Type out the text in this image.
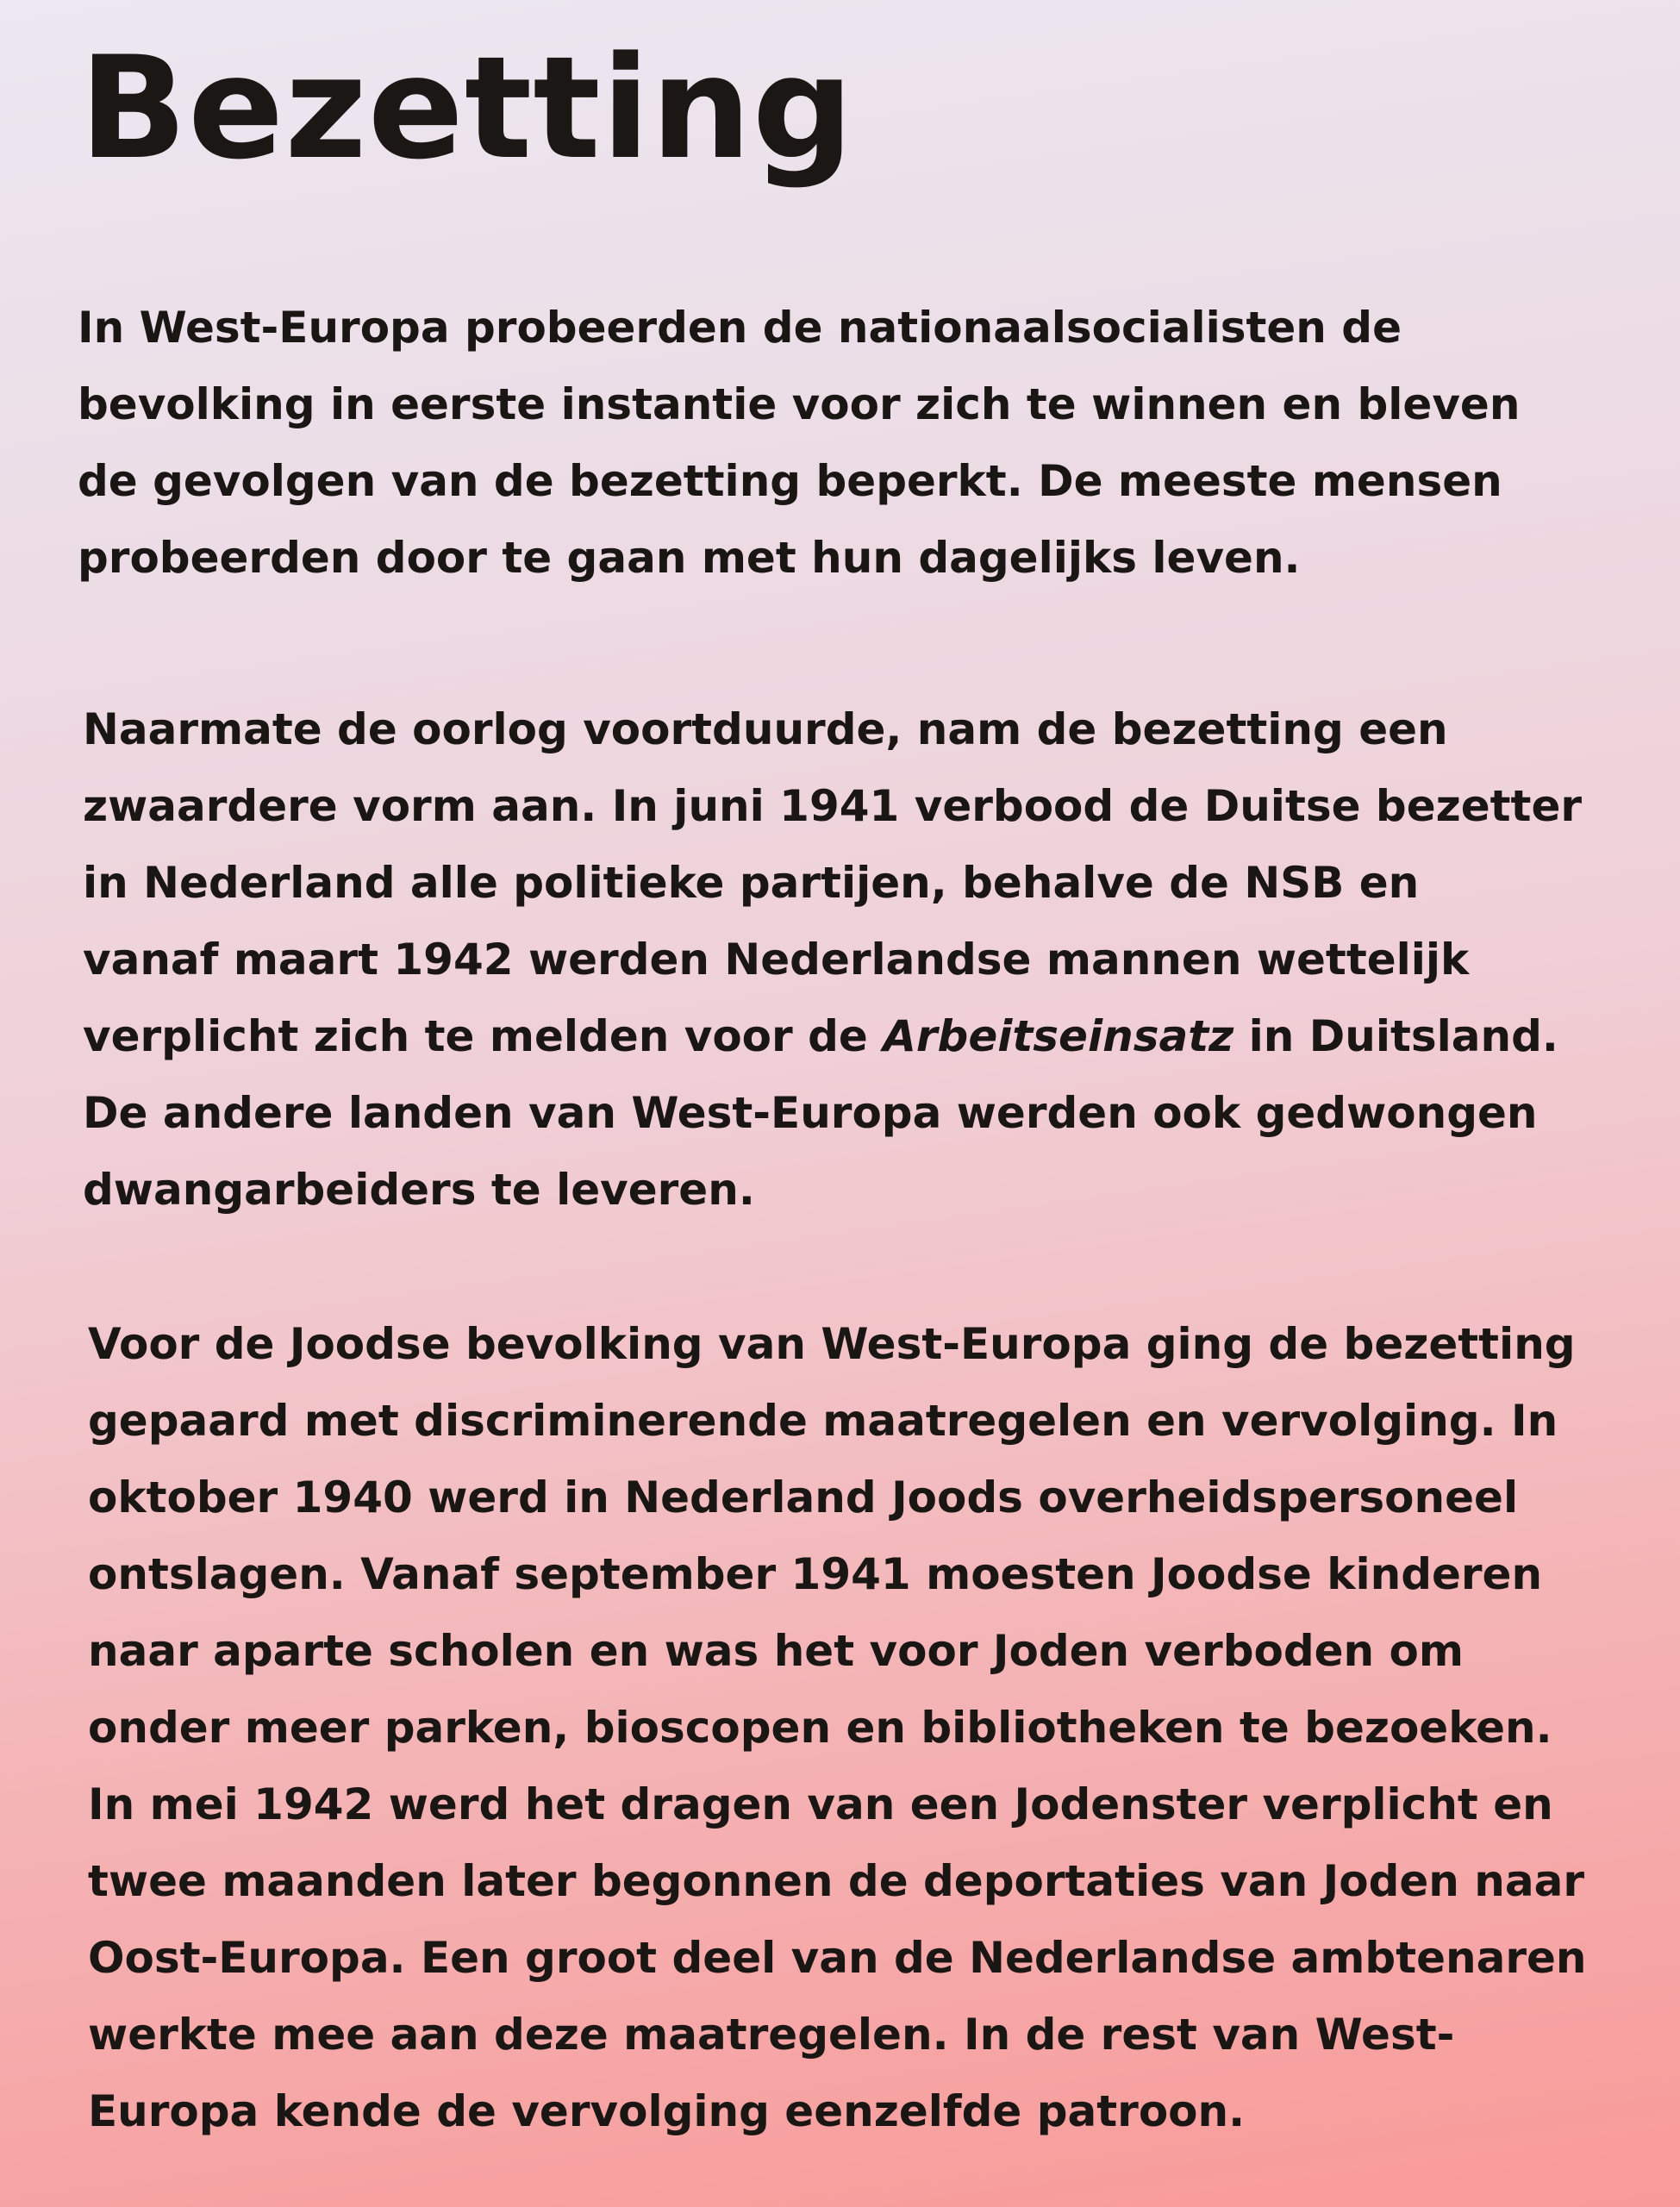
Bezetting

In West-Europa probeerden de nationaalsocialisten de
bevolking in eerste instantie voor zich te winnen en bleven
de gevolgen van de bezetting beperkt. De meeste mensen
probeerden door te gaan met hun dagelijks leven.

Naarmate de oorlog voortduurde, nam de bezetting een
zwaardere vorm aan. In juni 1941 verbood de Duitse bezetter
in Nederland alle politieke partijen, behalve de NSB en
vanaf maart 1942 werden Nederlandse mannen wettelijk
verplicht zich te melden voor de Arbeitseinsatz in Duitsland.
De andere landen van West-Europa werden ook gedwongen
dwangarbeiders te leveren.

Voor de Joodse bevolking van West-Europa ging de bezetting
gepaard met discriminerende maatregelen en vervolging. In
oktober 1940 werd in Nederland Joods overheidspersoneel
ontslagen. Vanaf september 1941 moesten Joodse kinderen
naar aparte scholen en was het voor Joden verboden om
onder meer parken, bioscopen en bibliotheken te bezoeken.
In mei 1942 werd het dragen van een Jodenster verplicht en
twee maanden later begonnen de deportaties van Joden naar
Oost-Europa. Een groot deel van de Nederlandse ambtenaren
werkte mee aan deze maatregelen. In de rest van West-
Europa kende de vervolging eenzelfde patroon.
